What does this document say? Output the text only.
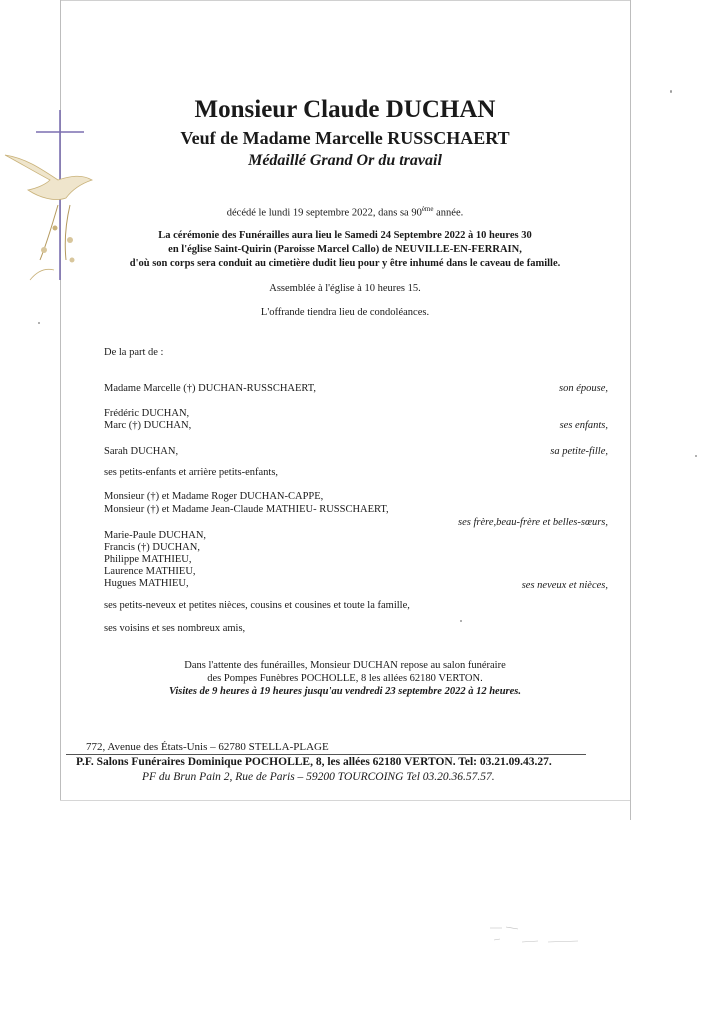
Monsieur Claude DUCHAN
Veuf de Madame Marcelle RUSSCHAERT
Médaillé Grand Or du travail
décédé le lundi 19 septembre 2022, dans sa 90ème année.
La cérémonie des Funérailles aura lieu le Samedi 24 Septembre 2022 à 10 heures 30
en l'église Saint-Quirin (Paroisse Marcel Callo) de NEUVILLE-EN-FERRAIN,
d'où son corps sera conduit au cimetière dudit lieu pour y être inhumé dans le caveau de famille.
Assemblée à l'église à 10 heures 15.
L'offrande tiendra lieu de condoléances.
De la part de :
Madame Marcelle (†) DUCHAN-RUSSCHAERT,	son épouse,
Frédéric DUCHAN,
Marc (†) DUCHAN,	ses enfants,
Sarah DUCHAN,	sa petite-fille,
ses petits-enfants et arrière petits-enfants,
Monsieur (†) et Madame Roger DUCHAN-CAPPE,
Monsieur (†) et Madame Jean-Claude MATHIEU- RUSSCHAERT,
ses frère,beau-frère et belles-sœurs,
Marie-Paule DUCHAN,
Francis (†) DUCHAN,
Philippe MATHIEU,
Laurence MATHIEU,
Hugues MATHIEU,	ses neveux et nièces,
ses petits-neveux et petites nièces, cousins et cousines et toute la famille,
ses voisins et ses nombreux amis,
Dans l'attente des funérailles, Monsieur DUCHAN repose au salon funéraire
des Pompes Funèbres POCHOLLE, 8 les allées 62180 VERTON.
Visites de 9 heures à 19 heures jusqu'au vendredi 23 septembre 2022 à 12 heures.
772, Avenue des États-Unis – 62780 STELLA-PLAGE
P.F. Salons Funéraires Dominique POCHOLLE, 8, les allées 62180 VERTON. Tel: 03.21.09.43.27.
PF du Brun Pain 2, Rue de Paris – 59200 TOURCOING Tel 03.20.36.57.57.
